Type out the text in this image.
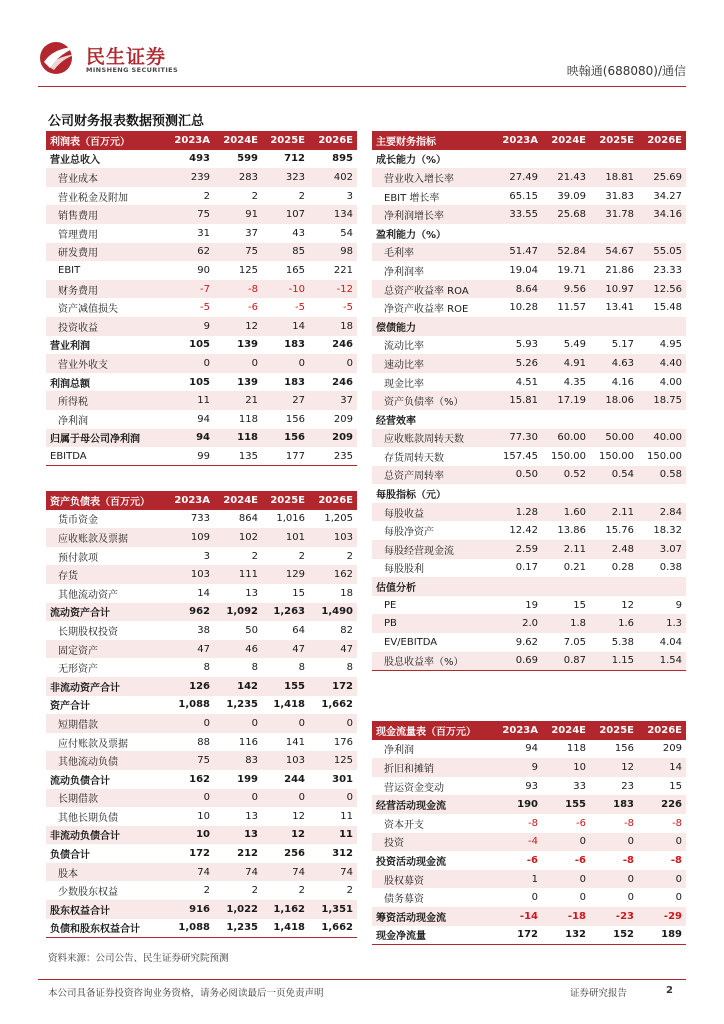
民生证券
MINSHENG SECURITIES	映翰通(688080)/通信
公司财务报表数据预测汇总
利润表（百万元）	2023A	2024E	2025E	2026E
营业总收入	493	599	712	895
营业成本	239	283	323	402
营业税金及附加	2	2	2	3
销售费用	75	91	107	134
管理费用	31	37	43	54
研发费用	62	75	85	98
EBIT	90	125	165	221
财务费用	-7	-8	-10	-12
资产减值损失	-5	-6	-5	-5
投资收益	9	12	14	18
营业利润	105	139	183	246
营业外收支	0	0	0	0
利润总额	105	139	183	246
所得税	11	21	27	37
净利润	94	118	156	209
归属于母公司净利润	94	118	156	209
EBITDA	99	135	177	235
主要财务指标	2023A	2024E	2025E	2026E
成长能力（%）				
营业收入增长率	27.49	21.43	18.81	25.69
EBIT 增长率	65.15	39.09	31.83	34.27
净利润增长率	33.55	25.68	31.78	34.16
盈利能力（%）				
毛利率	51.47	52.84	54.67	55.05
净利润率	19.04	19.71	21.86	23.33
总资产收益率 ROA	8.64	9.56	10.97	12.56
净资产收益率 ROE	10.28	11.57	13.41	15.48
偿债能力				
流动比率	5.93	5.49	5.17	4.95
速动比率	5.26	4.91	4.63	4.40
现金比率	4.51	4.35	4.16	4.00
资产负债率（%）	15.81	17.19	18.06	18.75
经营效率				
应收账款周转天数	77.30	60.00	50.00	40.00
存货周转天数	157.45	150.00	150.00	150.00
总资产周转率	0.50	0.52	0.54	0.58
每股指标（元）				
每股收益	1.28	1.60	2.11	2.84
每股净资产	12.42	13.86	15.76	18.32
每股经营现金流	2.59	2.11	2.48	3.07
每股股利	0.17	0.21	0.28	0.38
估值分析				
PE	19	15	12	9
PB	2.0	1.8	1.6	1.3
EV/EBITDA	9.62	7.05	5.38	4.04
股息收益率（%）	0.69	0.87	1.15	1.54
资产负债表（百万元）	2023A	2024E	2025E	2026E
货币资金	733	864	1,016	1,205
应收账款及票据	109	102	101	103
预付款项	3	2	2	2
存货	103	111	129	162
其他流动资产	14	13	15	18
流动资产合计	962	1,092	1,263	1,490
长期股权投资	38	50	64	82
固定资产	47	46	47	47
无形资产	8	8	8	8
非流动资产合计	126	142	155	172
资产合计	1,088	1,235	1,418	1,662
短期借款	0	0	0	0
应付账款及票据	88	116	141	176
其他流动负债	75	83	103	125
流动负债合计	162	199	244	301
长期借款	0	0	0	0
其他长期负债	10	13	12	11
非流动负债合计	10	13	12	11
负债合计	172	212	256	312
股本	74	74	74	74
少数股东权益	2	2	2	2
股东权益合计	916	1,022	1,162	1,351
负债和股东权益合计	1,088	1,235	1,418	1,662
现金流量表（百万元）	2023A	2024E	2025E	2026E
净利润	94	118	156	209
折旧和摊销	9	10	12	14
营运资金变动	93	33	23	15
经营活动现金流	190	155	183	226
资本开支	-8	-6	-8	-8
投资	-4	0	0	0
投资活动现金流	-6	-6	-8	-8
股权募资	1	0	0	0
债务募资	0	0	0	0
筹资活动现金流	-14	-18	-23	-29
现金净流量	172	132	152	189
资料来源：公司公告、民生证券研究院预测
本公司具备证券投资咨询业务资格，请务必阅读最后一页免责声明	证券研究报告	2
